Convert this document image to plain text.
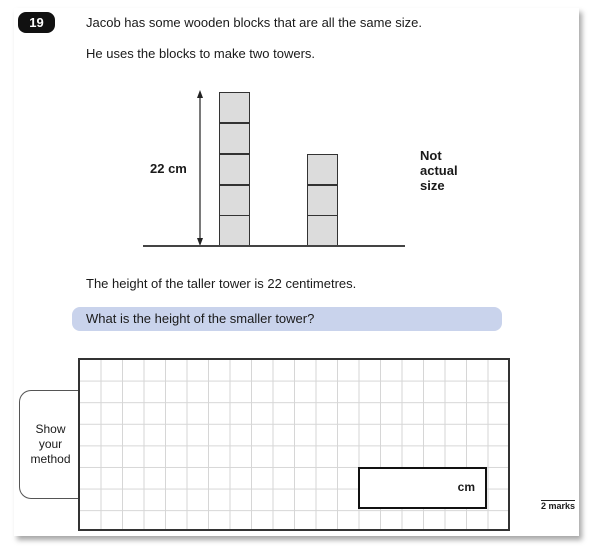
19	Jacob has some wooden blocks that are all the same size.
He uses the blocks to make two towers.
22 cm
Not
actual
size
The height of the taller tower is 22 centimetres.
What is the height of the smaller tower?
Show
your
method
cm
2 marks
